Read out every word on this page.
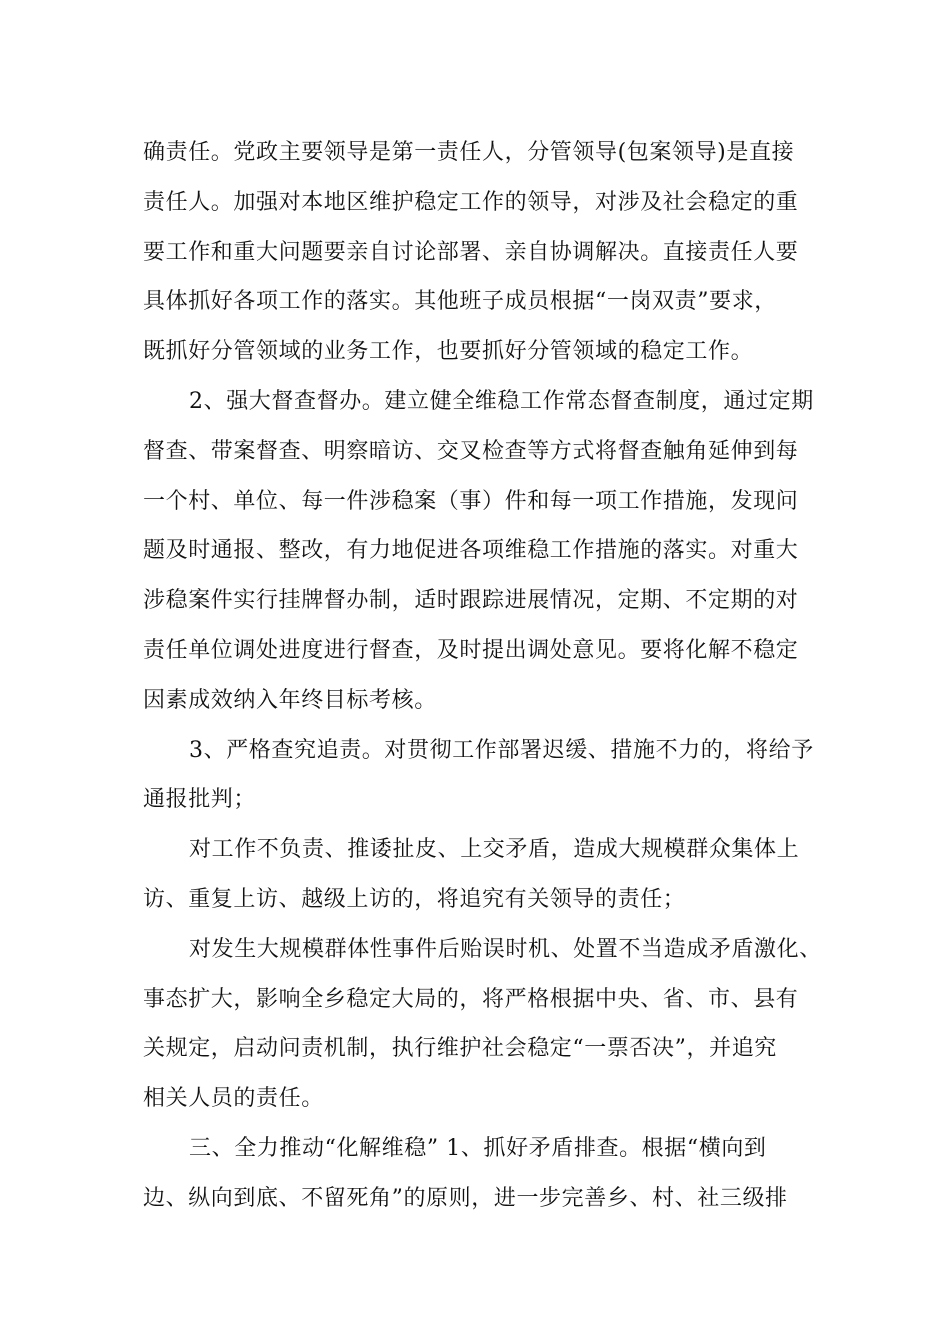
确责任。党政主要领导是第一责任人，分管领导(包案领导)是直接
责任人。加强对本地区维护稳定工作的领导，对涉及社会稳定的重
要工作和重大问题要亲自讨论部署、亲自协调解决。直接责任人要
具体抓好各项工作的落实。其他班子成员根据“一岗双责”要求，
既抓好分管领域的业务工作，也要抓好分管领域的稳定工作。
2、强大督查督办。建立健全维稳工作常态督查制度，通过定期
督查、带案督查、明察暗访、交叉检查等方式将督查触角延伸到每
一个村、单位、每一件涉稳案（事）件和每一项工作措施，发现问
题及时通报、整改，有力地促进各项维稳工作措施的落实。对重大
涉稳案件实行挂牌督办制，适时跟踪进展情况，定期、不定期的对
责任单位调处进度进行督查，及时提出调处意见。要将化解不稳定
因素成效纳入年终目标考核。
3、严格查究追责。对贯彻工作部署迟缓、措施不力的，将给予
通报批判；
对工作不负责、推诿扯皮、上交矛盾，造成大规模群众集体上
访、重复上访、越级上访的，将追究有关领导的责任；
对发生大规模群体性事件后贻误时机、处置不当造成矛盾激化、
事态扩大，影响全乡稳定大局的，将严格根据中央、省、市、县有
关规定，启动问责机制，执行维护社会稳定“一票否决”，并追究
相关人员的责任。
三、全力推动“化解维稳” 1、抓好矛盾排查。根据“横向到
边、纵向到底、不留死角”的原则，进一步完善乡、村、社三级排
